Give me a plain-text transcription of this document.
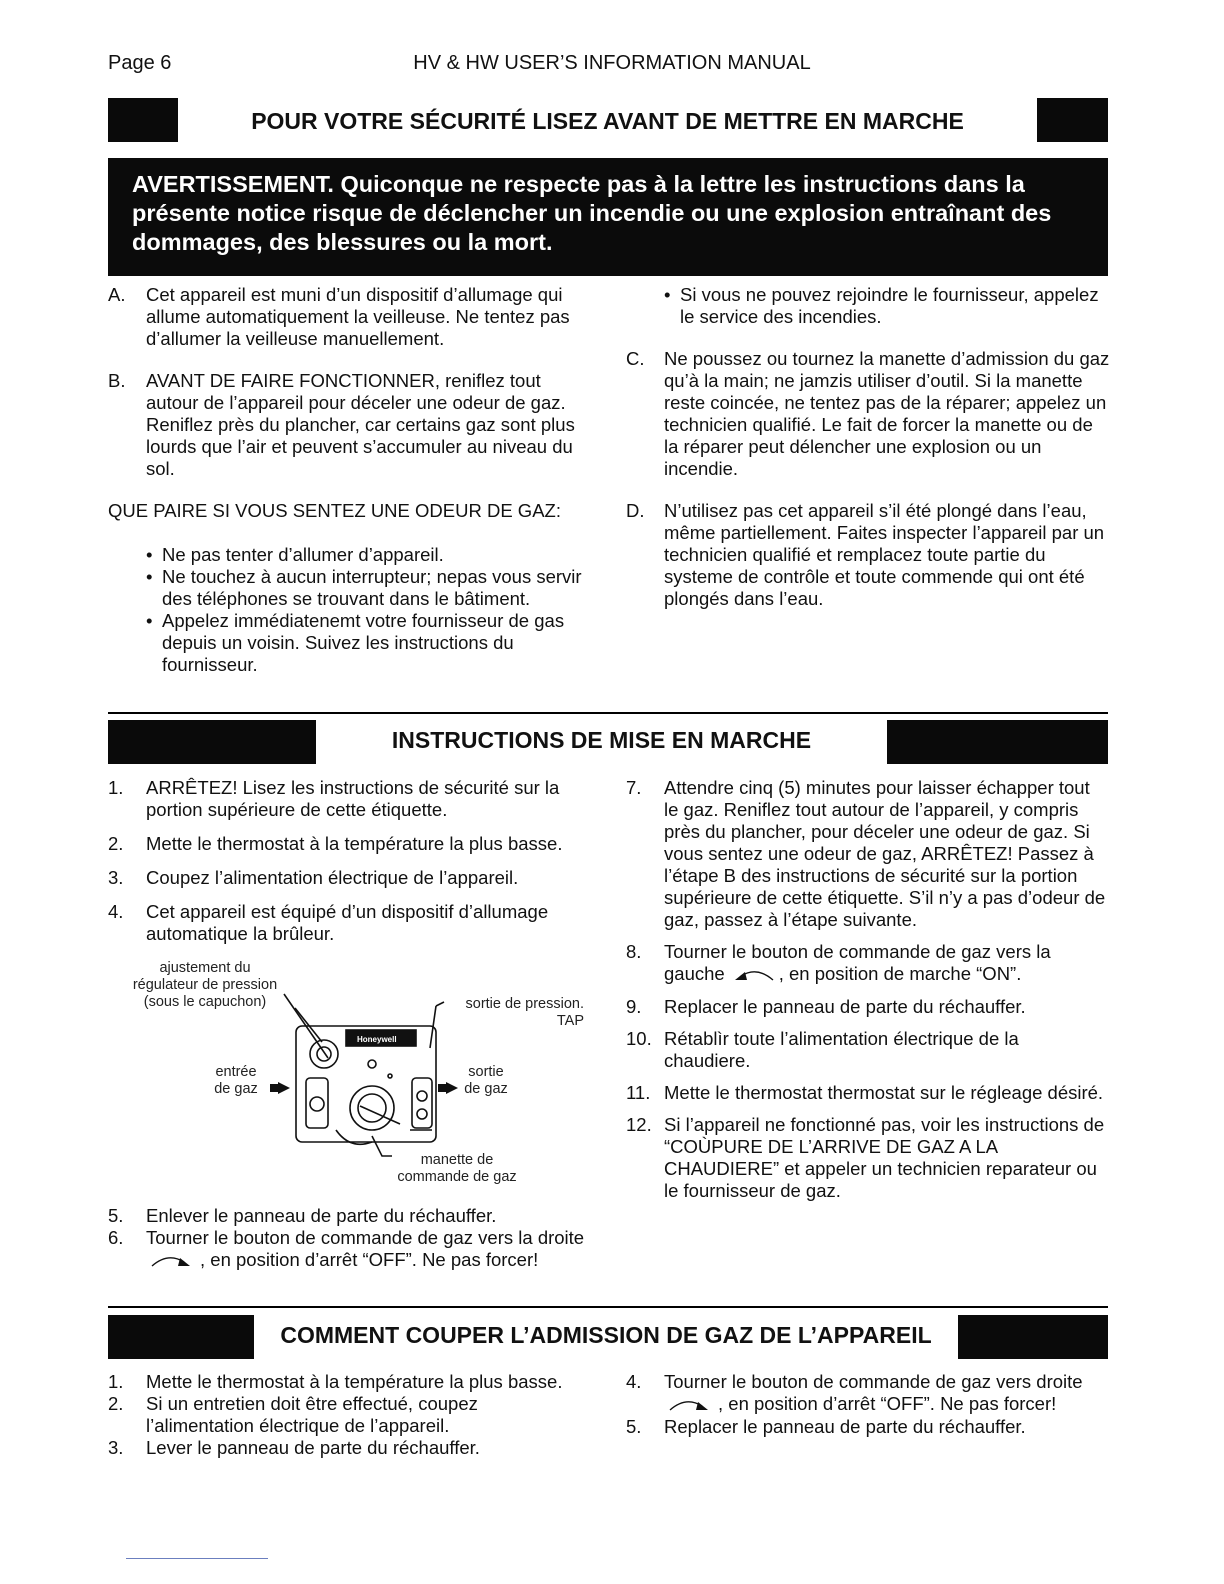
Page 6	HV & HW USER’S INFORMATION MANUAL
POUR VOTRE SÉCURITÉ LISEZ AVANT DE METTRE EN MARCHE
AVERTISSEMENT. Quiconque ne respecte pas à la lettre les instructions dans la présente notice risque de déclencher un incendie ou une explosion entraînant des dommages, des blessures ou la mort.
A. Cet appareil est muni d’un dispositif d’allumage qui allume automatiquement la veilleuse. Ne tentez pas d’allumer la veilleuse manuellement.
B. AVANT DE FAIRE FONCTIONNER, reniflez tout autour de l’appareil pour déceler une odeur de gaz. Reniflez près du plancher, car certains gaz sont plus lourds que l’air et peuvent s’accumuler au niveau du sol.
QUE PAIRE SI VOUS SENTEZ UNE ODEUR DE GAZ:
• Ne pas tenter d’allumer d’appareil.
• Ne touchez à aucun interrupteur; nepas vous servir des téléphones se trouvant dans le bâtiment.
• Appelez immédiatenemt votre fournisseur de gas depuis un voisin. Suivez les instructions du fournisseur.
• Si vous ne pouvez rejoindre le fournisseur, appelez le service des incendies.
C. Ne poussez ou tournez la manette d’admission du gaz qu’à la main; ne jamzis utiliser d’outil. Si la manette reste coincée, ne tentez pas de la réparer; appelez un technicien qualifié. Le fait de forcer la manette ou de la réparer peut délencher une explosion ou un incendie.
D. N’utilisez pas cet appareil s’il été plongé dans l’eau, même partiellement. Faites inspecter l’appareil par un technicien qualifié et remplacez toute partie du systeme de contrôle et toute commende qui ont été plongés dans l’eau.
INSTRUCTIONS DE MISE EN MARCHE
1. ARRÊTEZ! Lisez les instructions de sécurité sur la portion supérieure de cette étiquette.
2. Mette le thermostat à la température la plus basse.
3. Coupez l’alimentation électrique de l’appareil.
4. Cet appareil est équipé d’un dispositif d’allumage automatique la brûleur.
ajustement du
régulateur de pression
(sous le capuchon)	sortie de pression.
TAP
entrée
de gaz
sortie
de gaz
manette de
commande de gaz
Honeywell
5. Enlever le panneau de parte du réchauffer.
6. Tourner le bouton de commande de gaz vers la droite, en position d’arrêt “OFF”. Ne pas forcer!
7. Attendre cinq (5) minutes pour laisser échapper tout le gaz. Reniflez tout autour de l’appareil, y compris près du plancher, pour déceler une odeur de gaz. Si vous sentez une odeur de gaz, ARRÊTEZ! Passez à l’étape B des instructions de sécurité sur la portion supérieure de cette étiquette. S’il n’y a pas d’odeur de gaz, passez à l’étape suivante.
8. Tourner le bouton de commande de gaz vers la gauche	, en position de marche “ON”.
9. Replacer le panneau de parte du réchauffer.
10. Rétablìr toute l’alimentation électrique de la chaudiere.
11. Mette le thermostat thermostat sur le régleage désiré.
12. Si l’appareil ne fonctionné pas, voir les instructions de “COÙPURE DE L’ARRIVE DE GAZ A LA CHAUDIERE” et appeler un technicien reparateur ou le fournisseur de gaz.
COMMENT COUPER L’ADMISSION DE GAZ DE L’APPAREIL
1. Mette le thermostat à la température la plus basse.
2. Si un entretien doit être effectué, coupez l’alimentation électrique de l’appareil.
3. Lever le panneau de parte du réchauffer.
4. Tourner le bouton de commande de gaz vers droite, en position d’arrêt “OFF”. Ne pas forcer!
5. Replacer le panneau de parte du réchauffer.
